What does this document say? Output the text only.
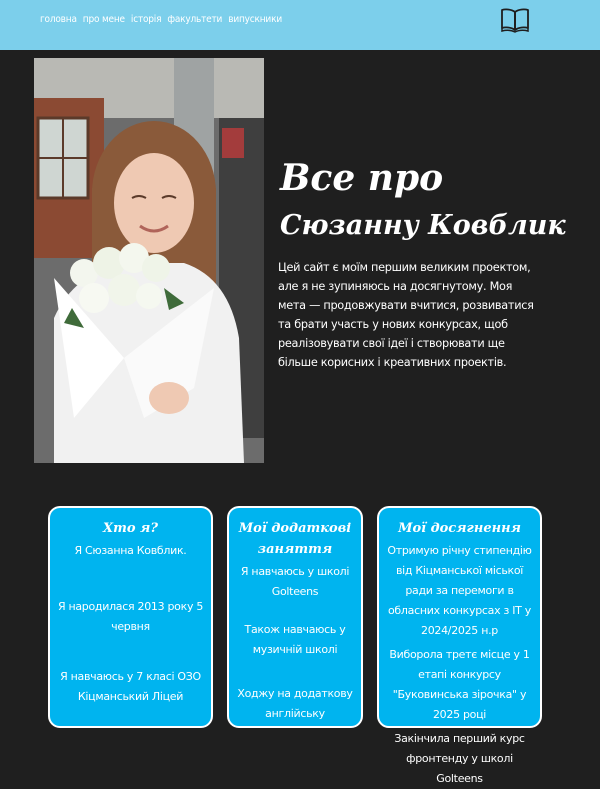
головна про мене історія факультети випускники
Все про
Сюзанну Ковблик

Цей сайт є моїм першим великим проектом, але я не зупиняюсь на досягнутому. Моя мета — продовжувати вчитися, розвиватися та брати участь у нових конкурсах, щоб реалізовувати свої ідеї і створювати ще більше корисних і креативних проектів.

Хто я?

Я Сюзанна Ковблик.

Я народилася 2013 року 5 червня

Я навчаюсь у 7 класі ОЗО Кіцманський Ліцей

Мої додаткові заняття

Я навчаюсь у школі Golteens

Також навчаюсь у музичній школі

Ходжу на додаткову англійську

Мої досягнення

Отримую річну стипендію від Кіцманської міської ради за перемоги в обласних конкурсах з IT у 2024/2025 н.р

Виборола третє місце у 1 етапі конкурсу "Буковинська зірочка" у 2025 році

Закінчила перший курс фронтенду у школі Golteens
